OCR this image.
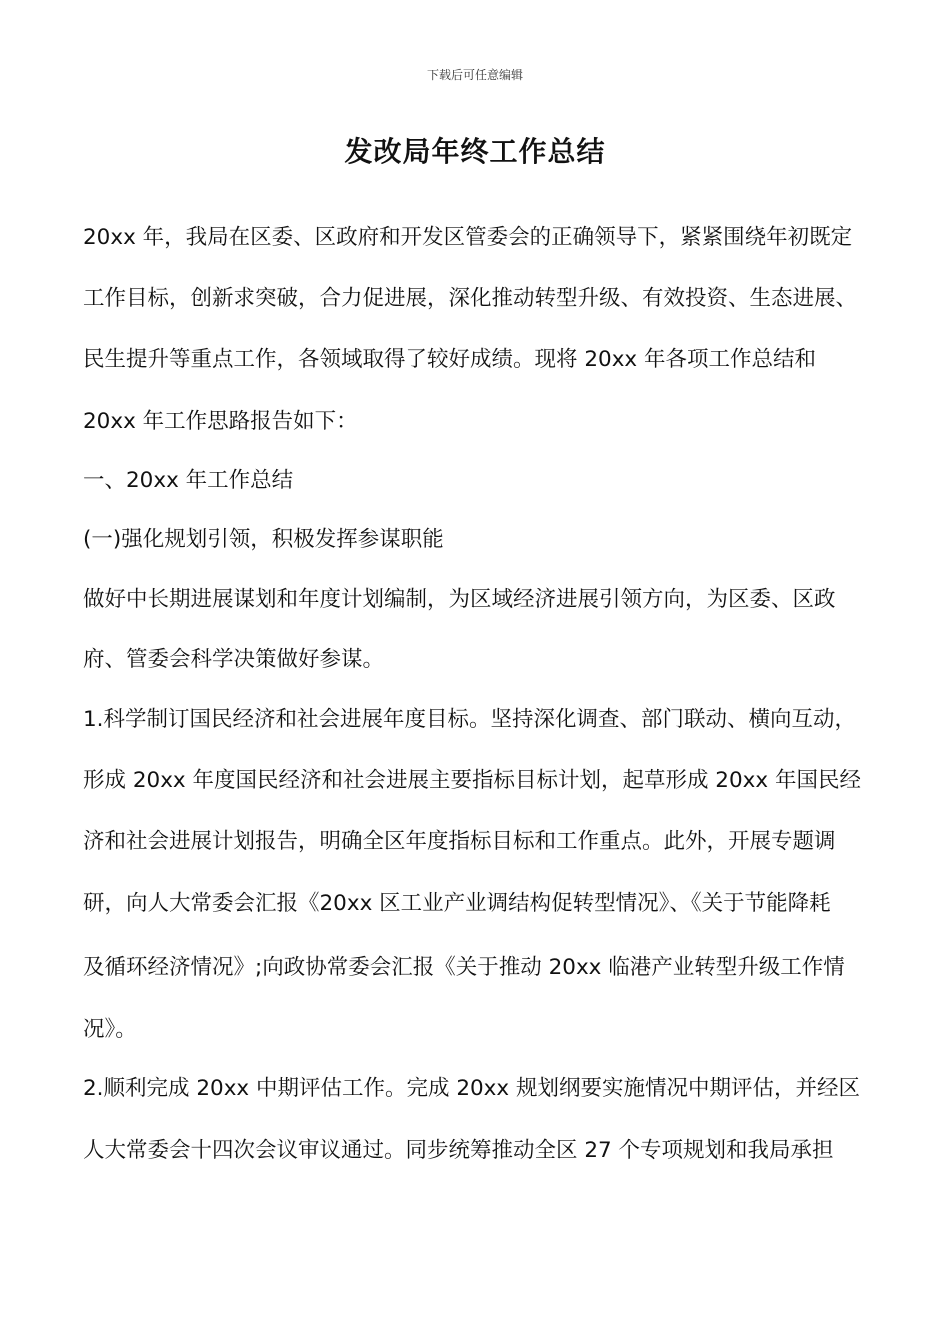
下载后可任意编辑
发改局年终工作总结
20xx 年，我局在区委、区政府和开发区管委会的正确领导下，紧紧围绕年初既定
工作目标，创新求突破，合力促进展，深化推动转型升级、有效投资、生态进展、
民生提升等重点工作，各领域取得了较好成绩。现将 20xx 年各项工作总结和
20xx 年工作思路报告如下：
一、20xx 年工作总结
(一)强化规划引领，积极发挥参谋职能
做好中长期进展谋划和年度计划编制，为区域经济进展引领方向，为区委、区政
府、管委会科学决策做好参谋。
1.科学制订国民经济和社会进展年度目标。坚持深化调查、部门联动、横向互动，
形成 20xx 年度国民经济和社会进展主要指标目标计划，起草形成 20xx 年国民经
济和社会进展计划报告，明确全区年度指标目标和工作重点。此外，开展专题调
研，向人大常委会汇报《20xx 区工业产业调结构促转型情况》、《关于节能降耗
及循环经济情况》;向政协常委会汇报《关于推动 20xx 临港产业转型升级工作情
况》。
2.顺利完成 20xx 中期评估工作。完成 20xx 规划纲要实施情况中期评估，并经区
人大常委会十四次会议审议通过。同步统筹推动全区 27 个专项规划和我局承担
